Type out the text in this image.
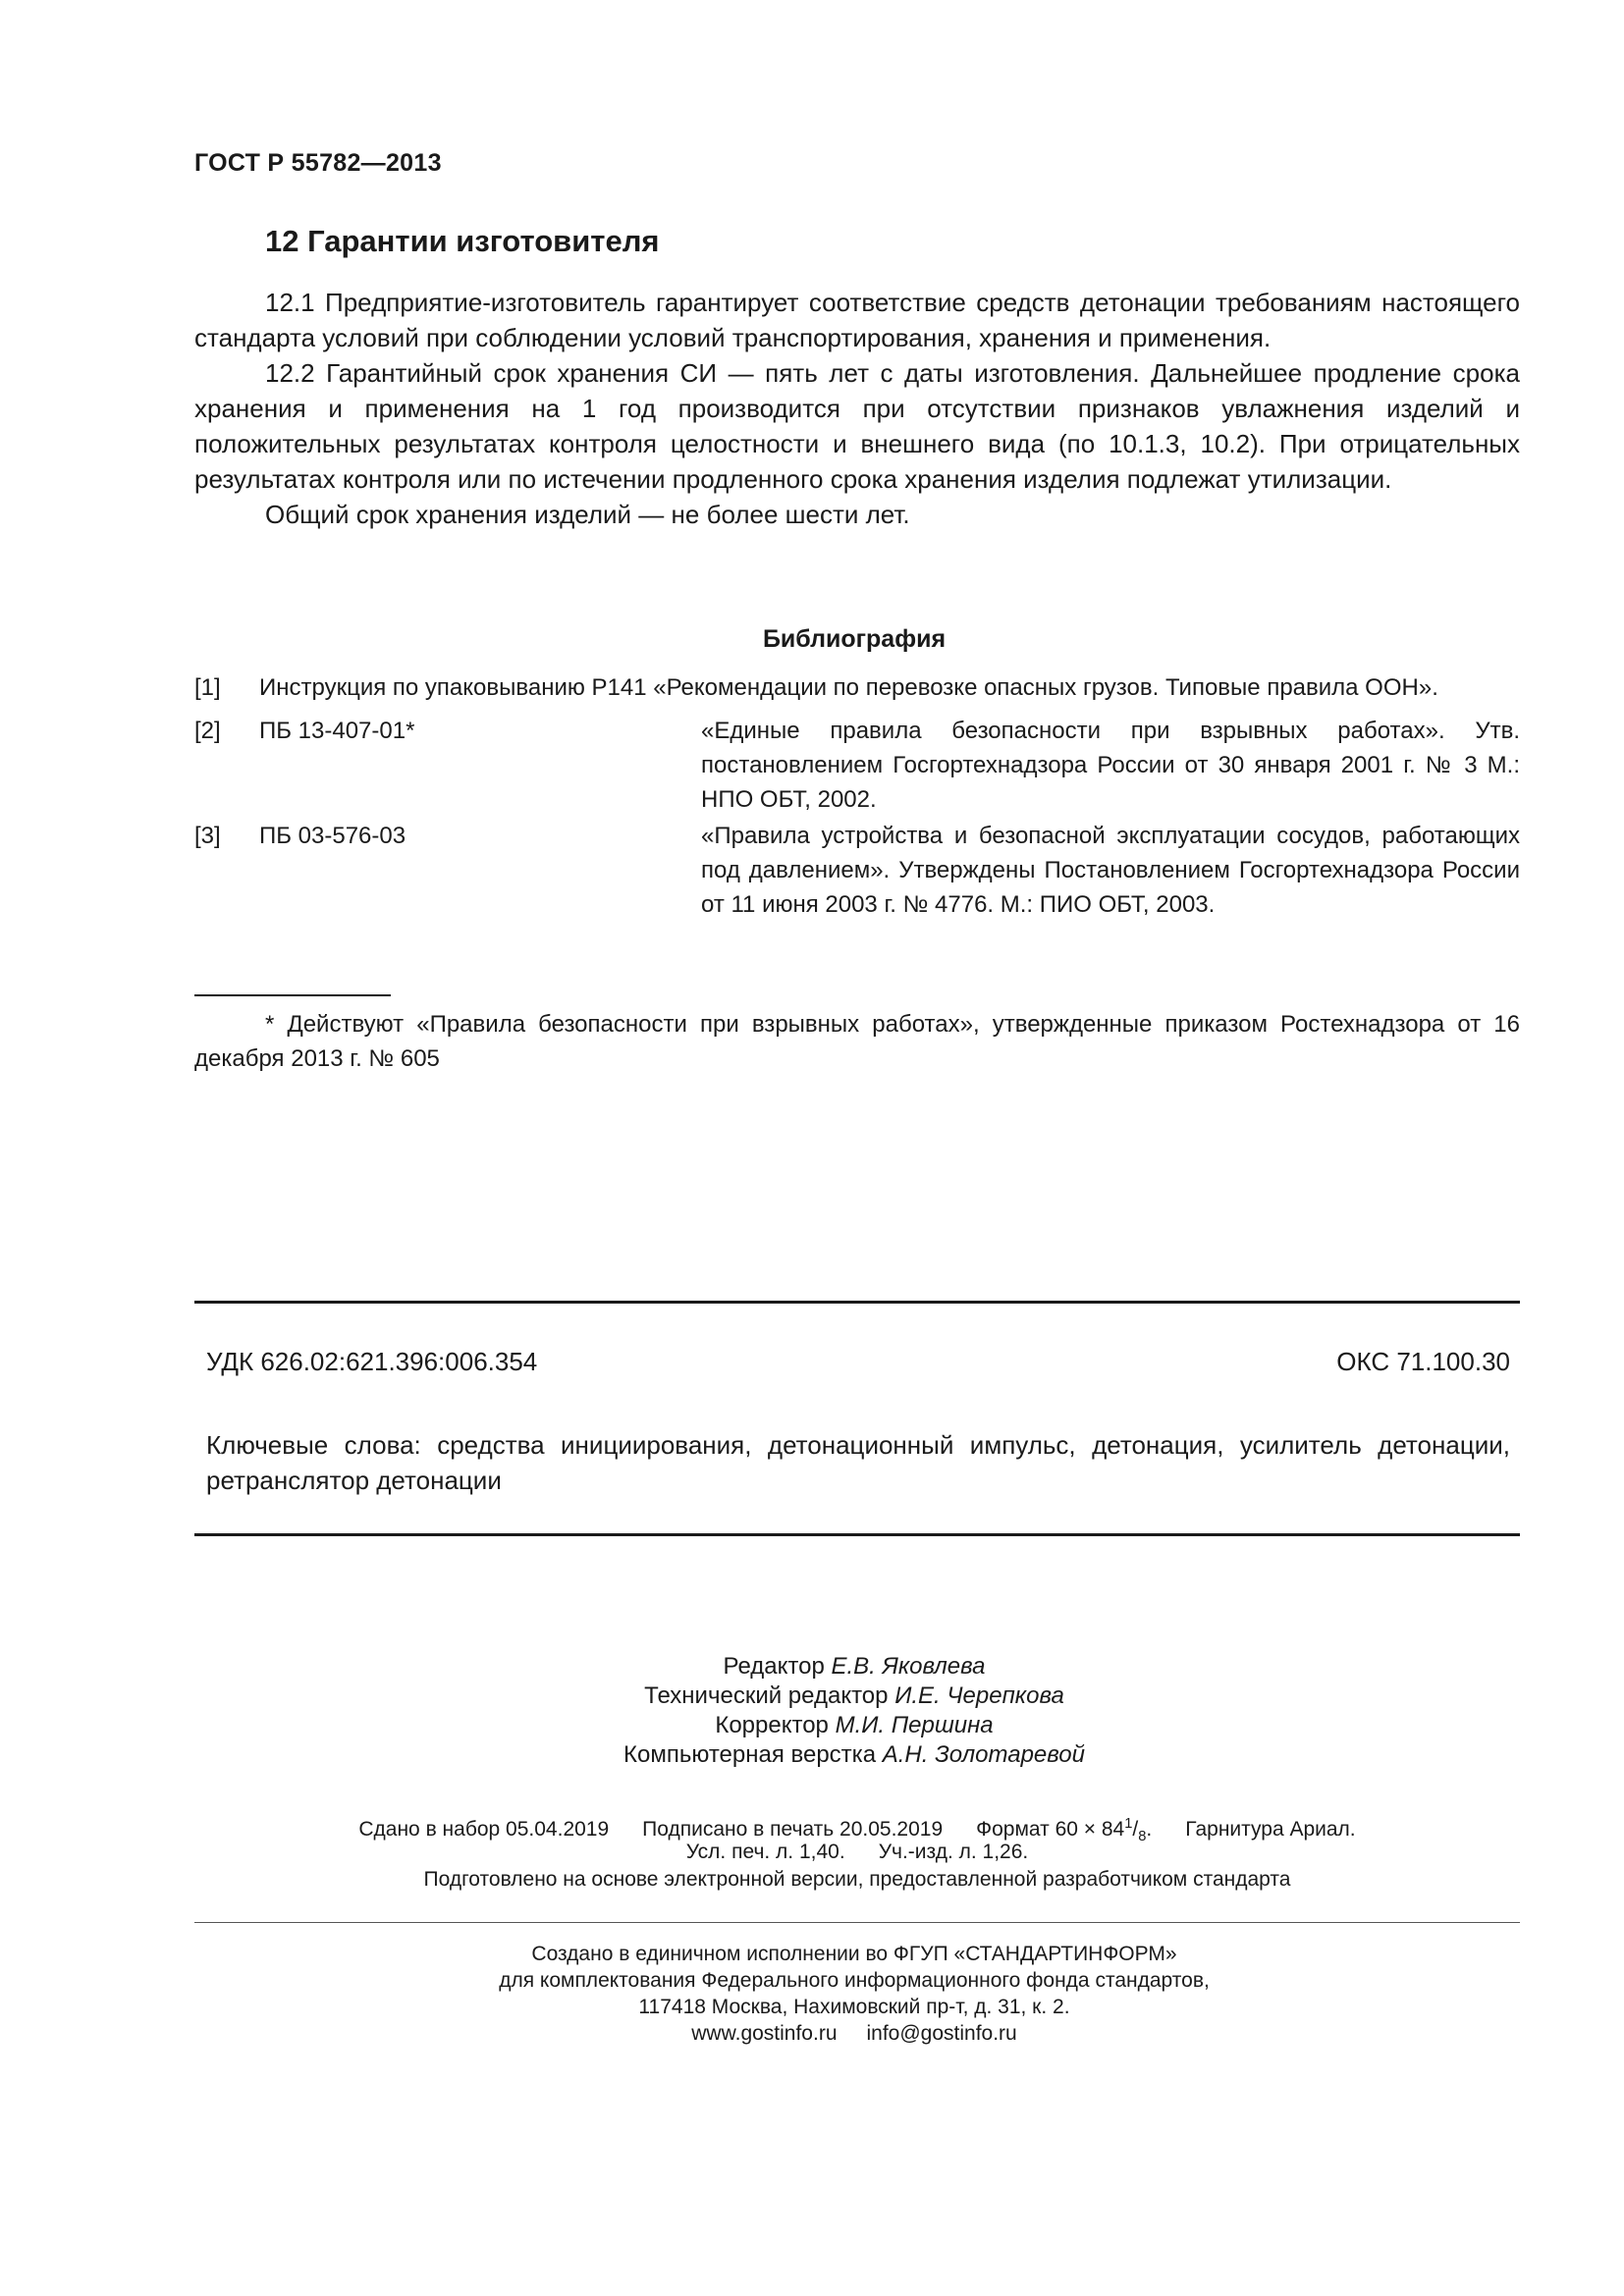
ГОСТ Р 55782—2013
12 Гарантии изготовителя

12.1 Предприятие-изготовитель гарантирует соответствие средств детонации требованиям настоящего стандарта условий при соблюдении условий транспортирования, хранения и применения.

12.2 Гарантийный срок хранения СИ — пять лет с даты изготовления. Дальнейшее продление срока хранения и применения на 1 год производится при отсутствии признаков увлажнения изделий и положительных результатах контроля целостности и внешнего вида (по 10.1.3, 10.2). При отрицательных результатах контроля или по истечении продленного срока хранения изделия подлежат утилизации.

Общий срок хранения изделий — не более шести лет.

Библиография
[1] Инструкция по упаковыванию Р141 «Рекомендации по перевозке опасных грузов. Типовые правила ООН».
[2] ПБ 13-407-01*	«Единые правила безопасности при взрывных работах». Утв. постановлением Госгортехнадзора России от 30 января 2001 г. № 3 М.: НПО ОБТ, 2002.
[3] ПБ 03-576-03	«Правила устройства и безопасной эксплуатации сосудов, работающих под давлением». Утверждены Постановлением Госгортехнадзора России от 11 июня 2003 г. № 4776. М.: ПИО ОБТ, 2003.
* Действуют «Правила безопасности при взрывных работах», утвержденные приказом Ростехнадзора от 16 декабря 2013 г. № 605
УДК 626.02:621.396:006.354	ОКС 71.100.30
Ключевые слова: средства инициирования, детонационный импульс, детонация, усилитель детонации, ретранслятор детонации
Редактор Е.В. Яковлева
Технический редактор И.Е. Черепкова
Корректор М.И. Першина
Компьютерная верстка А.Н. Золотаревой
Сдано в набор 05.04.2019 Подписано в печать 20.05.2019 Формат $60 \times 84^1/_8$. Гарнитура Ариал.
Усл. печ. л. 1,40. Уч.-изд. л. 1,26.
Подготовлено на основе электронной версии, предоставленной разработчиком стандарта
Создано в единичном исполнении во ФГУП «СТАНДАРТИНФОРМ»
для комплектования Федерального информационного фонда стандартов,
117418 Москва, Нахимовский пр-т, д. 31, к. 2.
www.gostinfo.ru info@gostinfo.ru
